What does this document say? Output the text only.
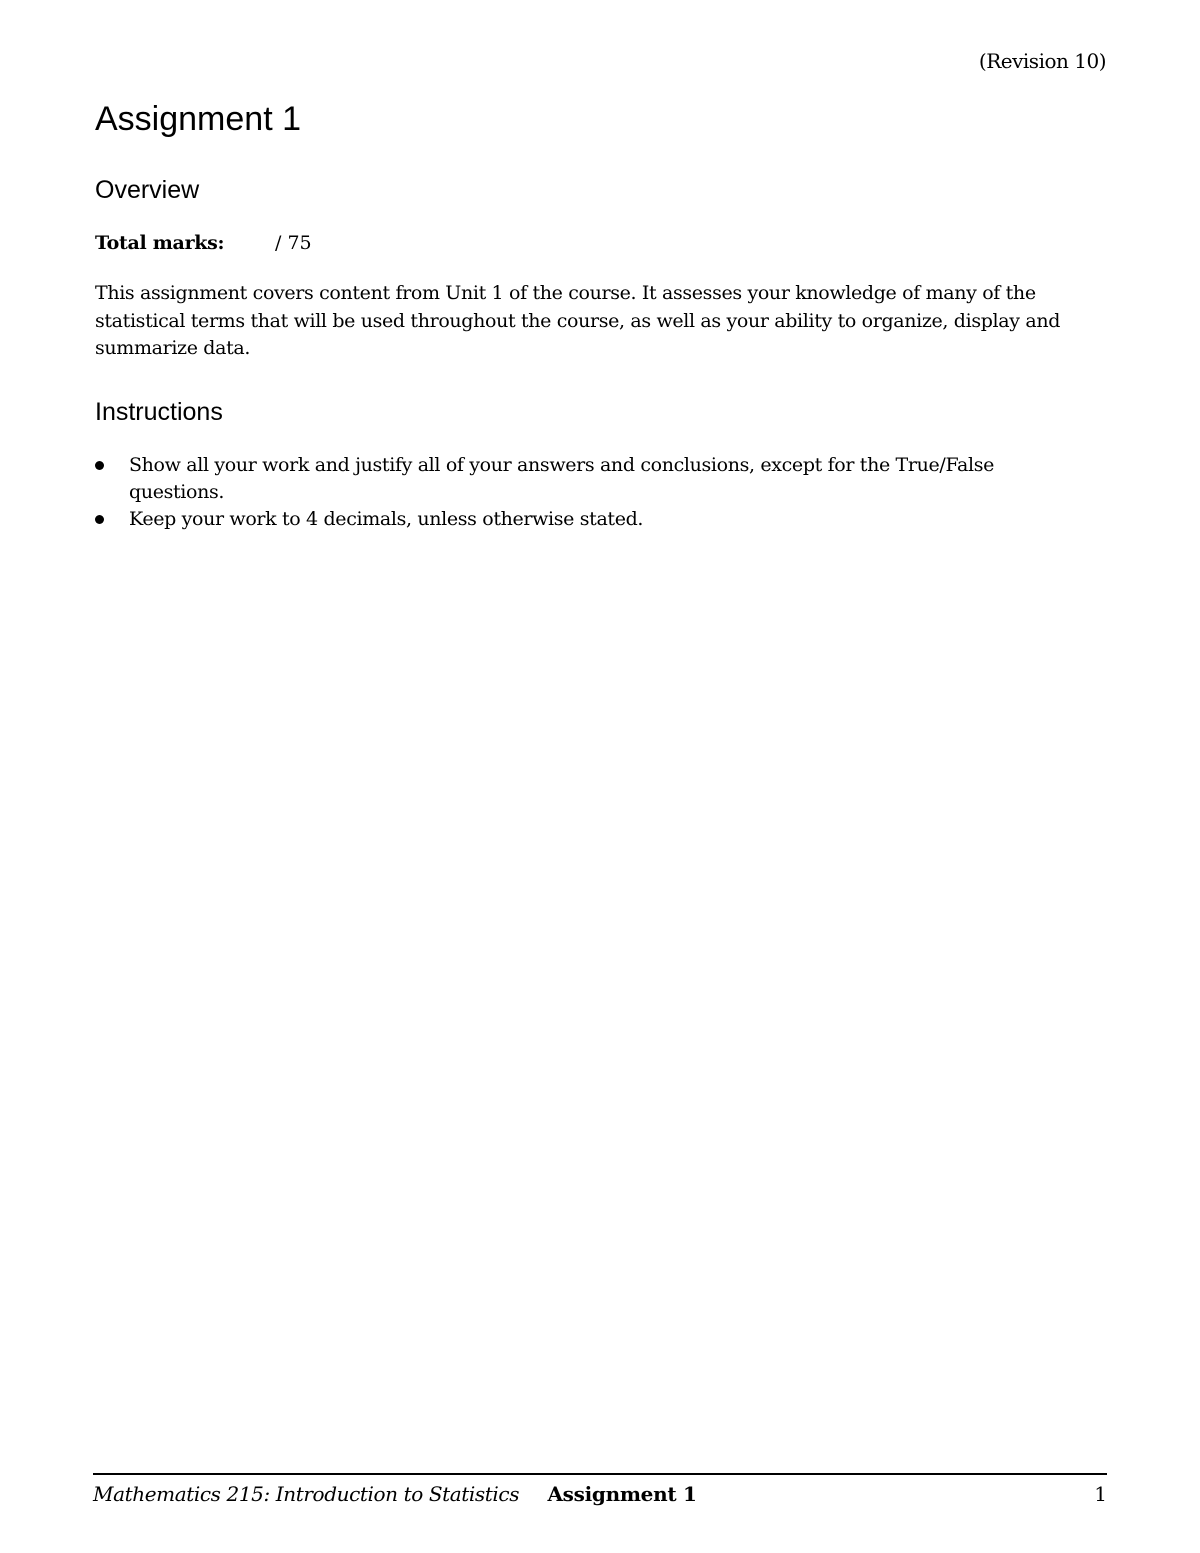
(Revision 10)
Assignment 1
Overview
Total marks:	/ 75

This assignment covers content from Unit 1 of the course. It assesses your knowledge of many of the statistical terms that will be used throughout the course, as well as your ability to organize, display and summarize data.

Instructions
Show all your work and justify all of your answers and conclusions, except for the True/False questions.
Keep your work to 4 decimals, unless otherwise stated.
Mathematics 215: Introduction to Statistics Assignment 1	1
